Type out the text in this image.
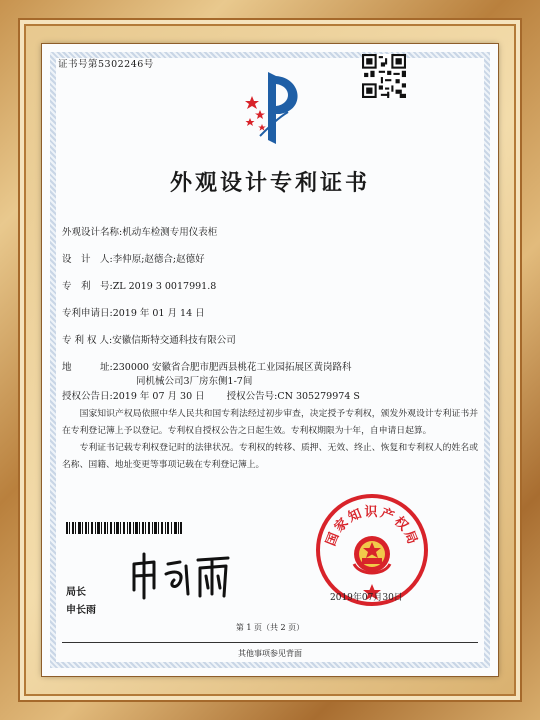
证书号第5302246号
外观设计专利证书
外观设计名称:机动车检测专用仪表柜
设　计　人:李仲原;赵德合;赵德好
专　利　号:ZL 2019 3 0017991.8
专利申请日:2019 年 01 月 14 日
专 利 权 人:安徽信斯特交通科技有限公司
地　　　址:230000 安徽省合肥市肥西县桃花工业园拓展区黄岗路科
同机械公司3厂房东侧1-7间
授权公告日:2019 年 07 月 30 日 授权公告号:CN 305279974 S
国家知识产权局依照中华人民共和国专利法经过初步审查，决定授予专利权，颁发外观设计专利证书并在专利登记簿上予以登记。专利权自授权公告之日起生效。专利权期限为十年，自申请日起算。
专利证书记载专利权登记时的法律状况。专利权的转移、质押、无效、终止、恢复和专利权人的姓名或名称、国籍、地址变更等事项记载在专利登记簿上。
局长
申长雨
国家知识产权局
2019年07月30日
第 1 页（共 2 页）
其他事项参见背面
